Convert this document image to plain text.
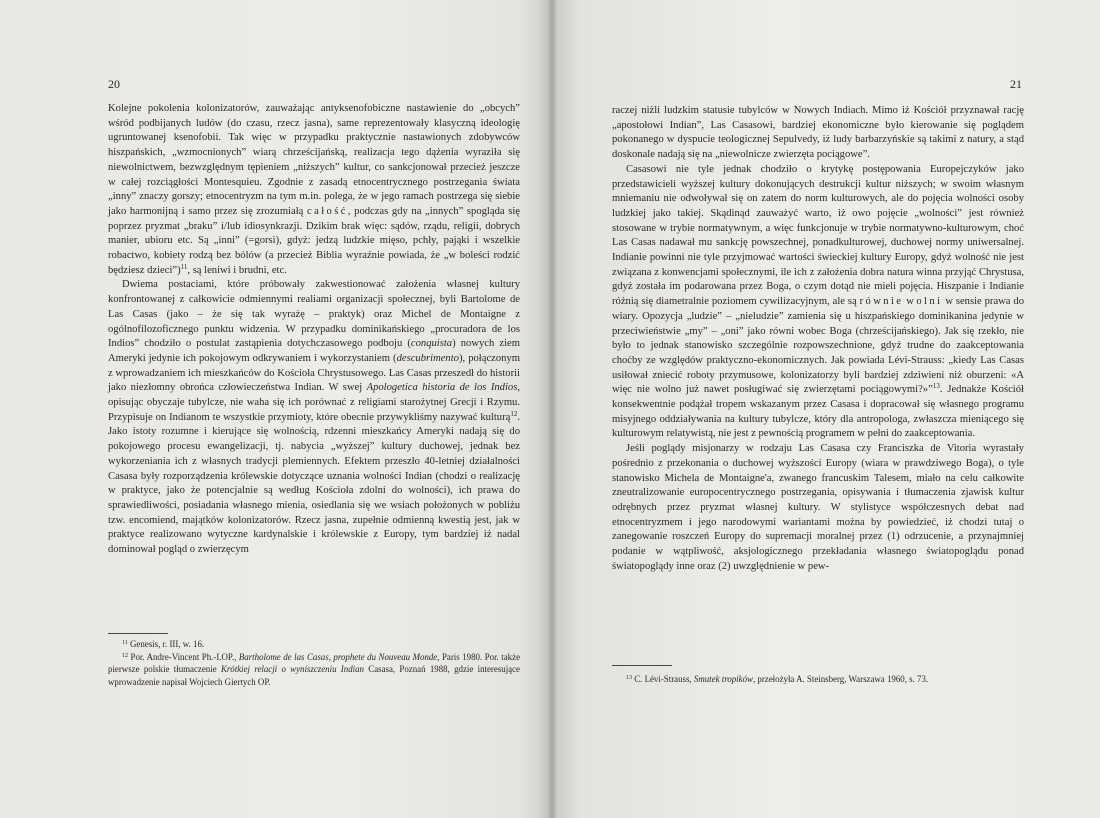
20

Kolejne pokolenia kolonizatorów, zauważając antyksenofobiczne nastawienie do „obcych” wśród podbijanych ludów (do czasu, rzecz jasna), same reprezentowały klasyczną ideologię ugruntowanej ksenofobii. Tak więc w przypadku praktycznie nastawionych zdobywców hiszpańskich, „wzmocnionych” wiarą chrześcijańską, realizacja tego dążenia wyraziła się niewolnictwem, bezwzględnym tępieniem „niższych” kultur, co sankcjonował przecież jeszcze w całej rozciągłości Montesquieu. Zgodnie z zasadą etnocentrycznego postrzegania świata „inny” znaczy gorszy; etnocentryzm na tym m.in. polega, że w jego ramach postrzega się siebie jako harmonijną i samo przez się zrozumiałą całość, podczas gdy na „innych” spogląda się poprzez pryzmat „braku” i/lub idiosynkrazji. Dzikim brak więc: sądów, rządu, religii, dobrych manier, ubioru etc. Są „inni” (=gorsi), gdyż: jedzą ludzkie mięso, pchły, pająki i wszelkie robactwo, kobiety rodzą bez bólów (a przecież Biblia wyraźnie powiada, że „w boleści rodzić będziesz dzieci”)$^{11}$, są leniwi i brudni, etc.

Dwiema postaciami, które próbowały zakwestionować założenia własnej kultury konfrontowanej z całkowicie odmiennymi realiami organizacji społecznej, byli Bartolome de Las Casas (jako – że się tak wyrażę – praktyk) oraz Michel de Montaigne z ogólnofilozoficznego punktu widzenia. W przypadku dominikańskiego „procuradora de los Indios” chodziło o postulat zastąpienia dotychczasowego podboju (conquista) nowych ziem Ameryki jedynie ich pokojowym odkrywaniem i wykorzystaniem (descubrimento), połączonym z wprowadzaniem ich mieszkańców do Kościoła Chrystusowego. Las Casas przeszedł do historii jako niezłomny obrońca człowieczeństwa Indian. W swej Apologetica historia de los Indios, opisując obyczaje tubylcze, nie waha się ich porównać z religiami starożytnej Grecji i Rzymu. Przypisuje on Indianom te wszystkie przymioty, które obecnie przywykliśmy nazywać kulturą$^{12}$. Jako istoty rozumne i kierujące się wolnością, rdzenni mieszkańcy Ameryki nadają się do pokojowego procesu ewangelizacji, tj. nabycia „wyższej” kultury duchowej, jednak bez wykorzeniania ich z własnych tradycji plemiennych. Efektem przeszło 40-letniej działalności Casasa były rozporządzenia królewskie dotyczące uznania wolności Indian (chodzi o realizację w praktyce, jako że potencjalnie są według Kościoła zdolni do wolności), ich prawa do sprawiedliwości, posiadania własnego mienia, osiedlania się we wsiach położonych w pobliżu tzw. encomiend, majątków kolonizatorów. Rzecz jasna, zupełnie odmienną kwestią jest, jak w praktyce realizowano wytyczne kardynalskie i królewskie z Europy, tym bardziej iż nadal dominował pogląd o zwierzęcym

$^{11}$ Genesis, r. III, w. 16.

$^{12}$ Por. Andre-Vincent Ph.-I.OP., Bartholome de las Casas, prophete du Nouveau Monde, Paris 1980. Por. także pierwsze polskie tłumaczenie Krótkiej relacji o wyniszczeniu Indian Casasa, Poznań 1988, gdzie interesujące wprowadzenie napisał Wojciech Giertych OP.

21

raczej niżli ludzkim statusie tubylców w Nowych Indiach. Mimo iż Kościół przyznawał rację „apostołowi Indian”, Las Casasowi, bardziej ekonomiczne było kierowanie się poglądem pokonanego w dyspucie teologicznej Sepulvedy, iż ludy barbarzyńskie są takimi z natury, a stąd doskonale nadają się na „niewolnicze zwierzęta pociągowe”.

Casasowi nie tyle jednak chodziło o krytykę postępowania Europejczyków jako przedstawicieli wyższej kultury dokonujących destrukcji kultur niższych; w swoim własnym mniemaniu nie odwoływał się on zatem do norm kulturowych, ale do pojęcia wolności osoby ludzkiej jako takiej. Skądinąd zauważyć warto, iż owo pojęcie „wolności” jest również stosowane w trybie normatywnym, a więc funkcjonuje w trybie normatywno-kulturowym, choć Las Casas nadawał mu sankcję powszechnej, ponadkulturowej, duchowej normy uniwersalnej. Indianie powinni nie tyle przyjmować wartości świeckiej kultury Europy, gdyż wolność nie jest związana z konwencjami społecznymi, ile ich z założenia dobra natura winna przyjąć Chrystusa, gdyż została im podarowana przez Boga, o czym dotąd nie mieli pojęcia. Hiszpanie i Indianie różnią się diametralnie poziomem cywilizacyjnym, ale są równie wolni w sensie prawa do wiary. Opozycja „ludzie” – „nieludzie” zamienia się u hiszpańskiego dominikanina jedynie w przeciwieństwie „my” – „oni” jako równi wobec Boga (chrześcijańskiego). Jak się rzekło, nie było to jednak stanowisko szczególnie rozpowszechnione, gdyż trudne do zaakceptowania choćby ze względów praktyczno-ekonomicznych. Jak powiada Lévi-Strauss: „kiedy Las Casas usiłował zniecić roboty przymusowe, kolonizatorzy byli bardziej zdziwieni niż oburzeni: «A więc nie wolno już nawet posługiwać się zwierzętami pociągowymi?»”$^{13}$. Jednakże Kościół konsekwentnie podążał tropem wskazanym przez Casasa i dopracował się własnego programu misyjnego oddziaływania na kultury tubylcze, który dla antropologa, zwłaszcza mieniącego się kulturowym relatywistą, nie jest z pewnością programem w pełni do zaakceptowania.

Jeśli poglądy misjonarzy w rodzaju Las Casasa czy Franciszka de Vitoria wyrastały pośrednio z przekonania o duchowej wyższości Europy (wiara w prawdziwego Boga), o tyle stanowisko Michela de Montaigne'a, zwanego francuskim Talesem, miało na celu całkowite zneutralizowanie europocentrycznego postrzegania, opisywania i tłumaczenia zjawisk kultur odrębnych przez pryzmat własnej kultury. W stylistyce współczesnych debat nad etnocentryzmem i jego narodowymi wariantami można by powiedzieć, iż chodzi tutaj o zanegowanie roszczeń Europy do supremacji moralnej przez (1) odrzucenie, a przynajmniej podanie w wątpliwość, aksjologicznego przekładania własnego światopoglądu ponad światopoglądy inne oraz (2) uwzględnienie w pew-

$^{13}$ C. Lévi-Strauss, Smutek tropików, przełożyła A. Steinsberg, Warszawa 1960, s. 73.
